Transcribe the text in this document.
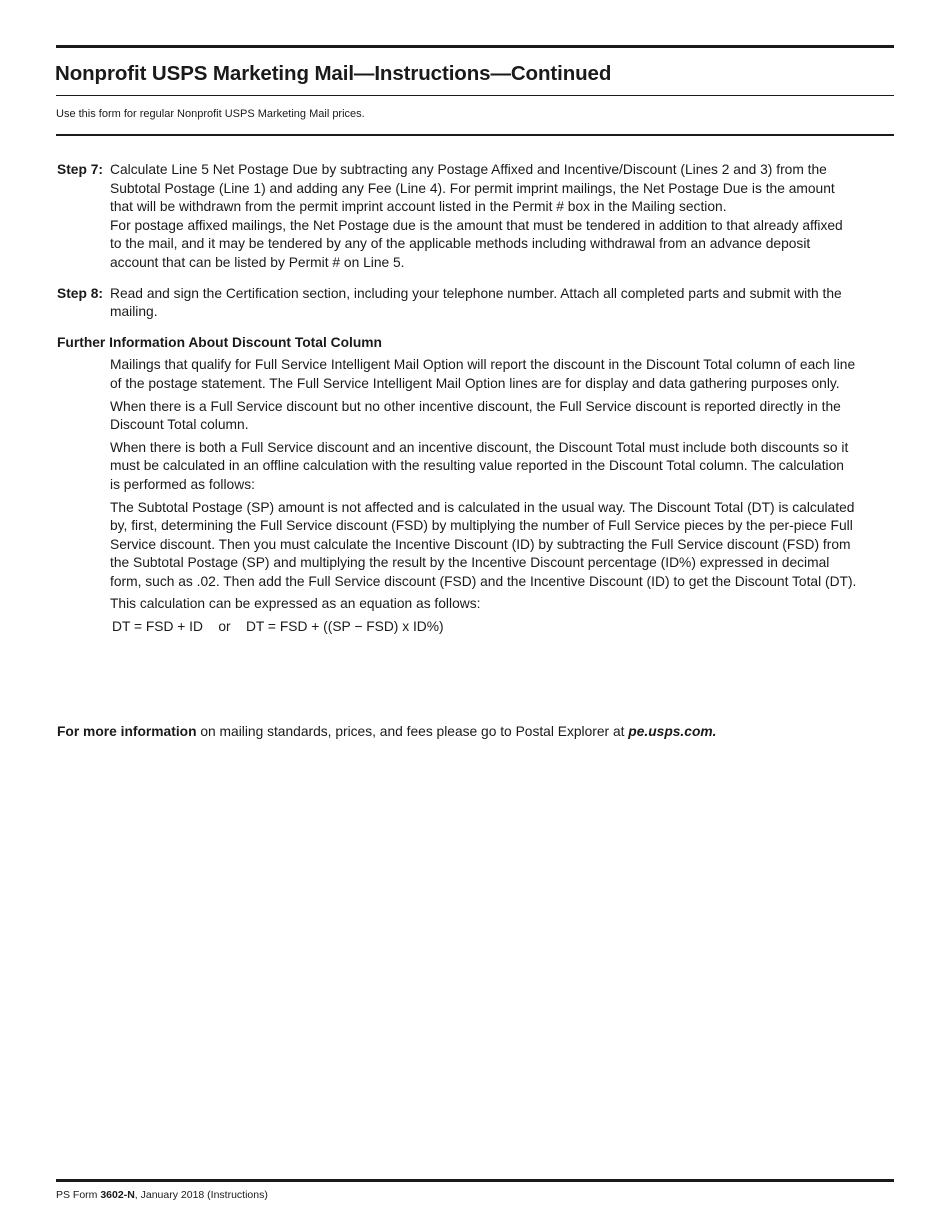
Nonprofit USPS Marketing Mail—Instructions—Continued
Use this form for regular Nonprofit USPS Marketing Mail prices.
Step 7: Calculate Line 5 Net Postage Due by subtracting any Postage Affixed and Incentive/Discount (Lines 2 and 3) from the Subtotal Postage (Line 1) and adding any Fee (Line 4). For permit imprint mailings, the Net Postage Due is the amount that will be withdrawn from the permit imprint account listed in the Permit # box in the Mailing section.

For postage affixed mailings, the Net Postage due is the amount that must be tendered in addition to that already affixed to the mail, and it may be tendered by any of the applicable methods including withdrawal from an advance deposit account that can be listed by Permit # on Line 5.

Step 8: Read and sign the Certification section, including your telephone number. Attach all completed parts and submit with the mailing.

Further Information About Discount Total Column

Mailings that qualify for Full Service Intelligent Mail Option will report the discount in the Discount Total column of each line of the postage statement. The Full Service Intelligent Mail Option lines are for display and data gathering purposes only.

When there is a Full Service discount but no other incentive discount, the Full Service discount is reported directly in the Discount Total column.

When there is both a Full Service discount and an incentive discount, the Discount Total must include both discounts so it must be calculated in an offline calculation with the resulting value reported in the Discount Total column. The calculation is performed as follows:

The Subtotal Postage (SP) amount is not affected and is calculated in the usual way. The Discount Total (DT) is calculated by, first, determining the Full Service discount (FSD) by multiplying the number of Full Service pieces by the per-piece Full Service discount. Then you must calculate the Incentive Discount (ID) by subtracting the Full Service discount (FSD) from the Subtotal Postage (SP) and multiplying the result by the Incentive Discount percentage (ID%) expressed in decimal form, such as .02. Then add the Full Service discount (FSD) and the Incentive Discount (ID) to get the Discount Total (DT).

This calculation can be expressed as an equation as follows:

DT = FSD + ID or DT = FSD + ((SP − FSD) x ID%)
For more information on mailing standards, prices, and fees please go to Postal Explorer at pe.usps.com.
PS Form 3602-N, January 2018 (Instructions)
